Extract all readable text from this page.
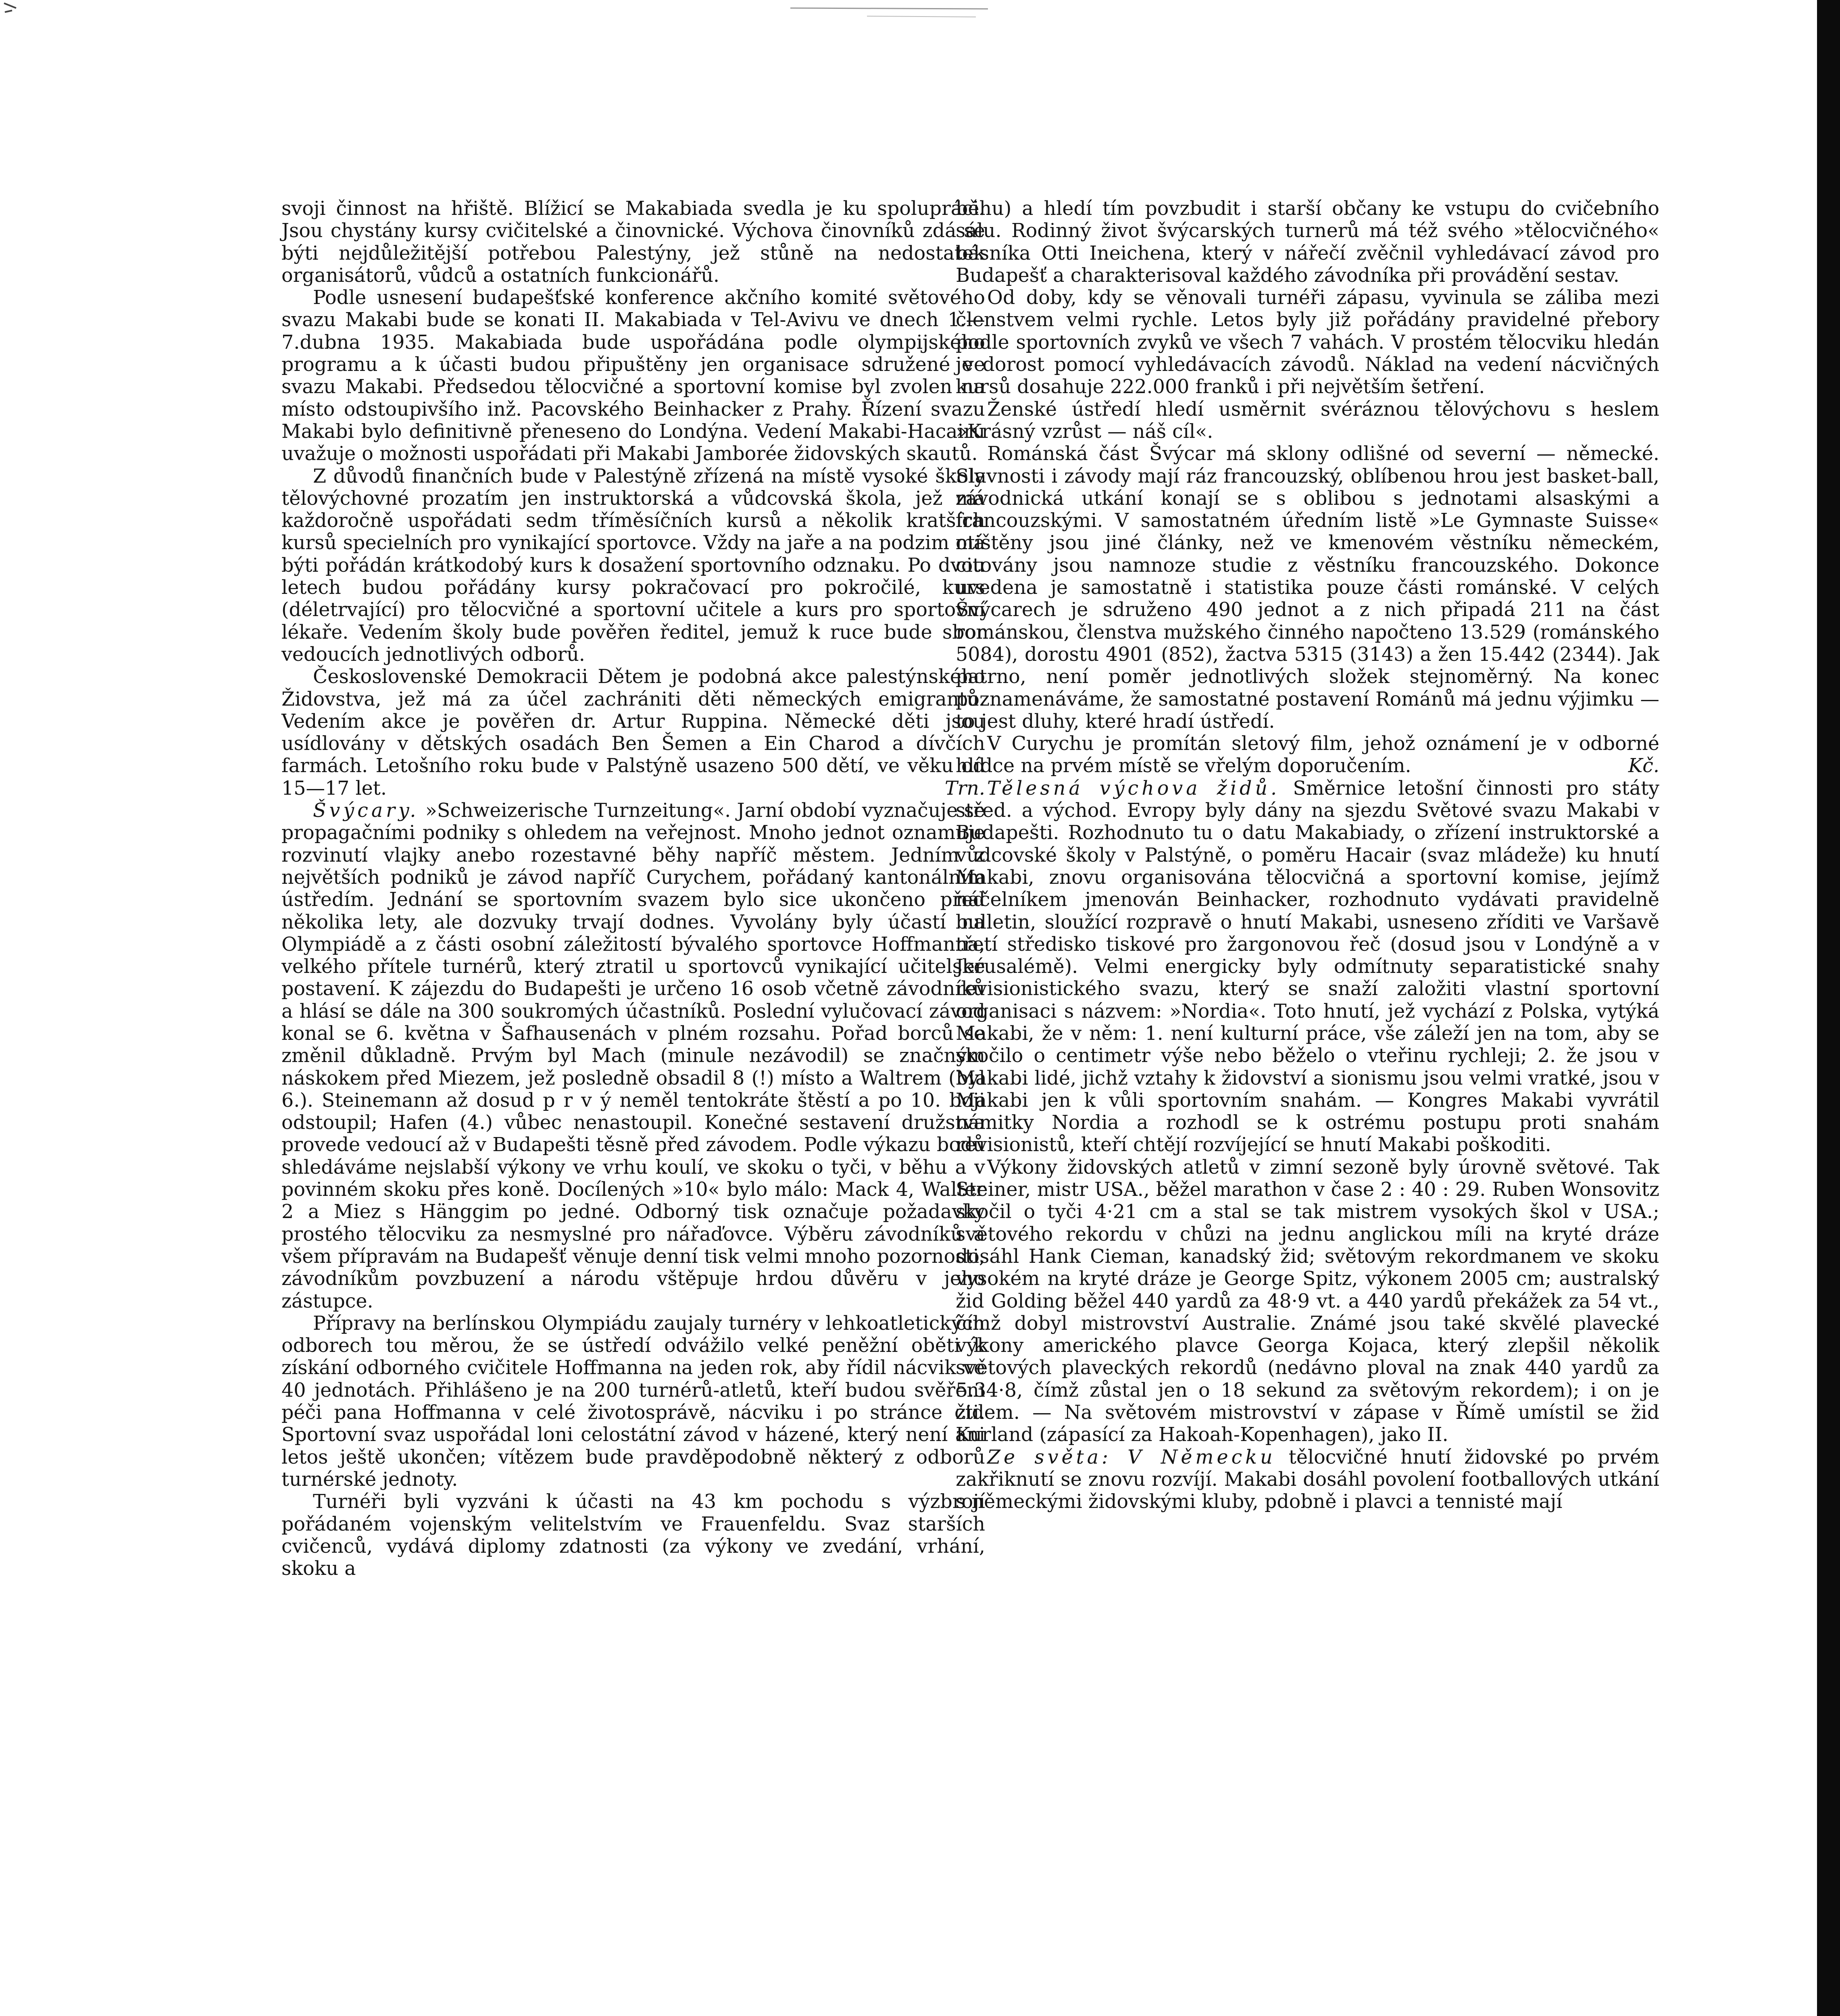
svoji činnost na hřiště. Blížicí se Makabiada svedla je ku spolupráci. Jsou chystány kursy cvičitelské a činovnické. Výchova činovníků zdá se býti nejdůležitější potřebou Palestýny, jež stůně na nedostatek organisátorů, vůdců a ostatních funkcionářů.

Podle usnesení budapešťské konference akčního komité světového svazu Makabi bude se konati II. Makabiada v Tel-Avivu ve dnech 1.—7.dubna 1935. Makabiada bude uspořádána podle olympijského programu a k účasti budou připuštěny jen organisace sdružené ve svazu Makabi. Předsedou tělocvičné a sportovní komise byl zvolen na místo odstoupivšího inž. Pacovského Beinhacker z Prahy. Řízení svazu Makabi bylo definitivně přeneseno do Londýna. Vedení Makabi-Hacairu uvažuje o možnosti uspořádati při Makabi Jamborée židovských skautů.

Z důvodů finančních bude v Palestýně zřízená na místě vysoké školy tělovýchovné prozatím jen instruktorská a vůdcovská škola, jež má každoročně uspořádati sedm tříměsíčních kursů a několik kratších kursů specielních pro vynikající sportovce. Vždy na jaře a na podzim má býti pořádán krátkodobý kurs k dosažení sportovního odznaku. Po dvou letech budou pořádány kursy pokračovací pro pokročilé, kurs (déletrvající) pro tělocvičné a sportovní učitele a kurs pro sportovní lékaře. Vedením školy bude pověřen ředitel, jemuž k ruce bude sbor vedoucích jednotlivých odborů.

Československé Demokracii Dětem je podobná akce palestýnského Židovstva, jež má za účel zachrániti děti německých emigrantů. Vedením akce je pověřen dr. Artur Ruppina. Německé děti jsou usídlovány v dětských osadách Ben Šemen a Ein Charod a dívčích farmách. Letošního roku bude v Palstýně usazeno 500 dětí, ve věku od 15—17 let.	Trn.

Švýcary. »Schweizerische Turnzeitung«. Jarní období vyznačuje se propagačními podniky s ohledem na veřejnost. Mnoho jednot oznamuje rozvinutí vlajky anebo rozestavné běhy napříč městem. Jedním z největších podniků je závod napříč Curychem, pořádaný kantonálním ústředím. Jednání se sportovním svazem bylo sice ukončeno před několika lety, ale dozvuky trvají dodnes. Vyvolány byly účastí na Olympiádě a z části osobní záležitostí bývalého sportovce Hoffmanna, velkého přítele turnérů, který ztratil u sportovců vynikající učitelské postavení. K zájezdu do Budapešti je určeno 16 osob včetně závodníků a hlásí se dále na 300 soukromých účastníků. Poslední vylučovací závod konal se 6. května v Šafhausenách v plném rozsahu. Pořad borců se změnil důkladně. Prvým byl Mach (minule nezávodil) se značným náskokem před Miezem, jež posledně obsadil 8 (!) místo a Waltrem (byl 6.). Steinemann až dosud p r v ý neměl tentokráte štěstí a po 10. boji odstoupil; Hafen (4.) vůbec nenastoupil. Konečné sestavení družstva provede vedoucí až v Budapešti těsně před závodem. Podle výkazu bodů shledáváme nejslabší výkony ve vrhu koulí, ve skoku o tyči, v běhu a v povinném skoku přes koně. Docílených »10« bylo málo: Mack 4, Walter 2 a Miez s Hänggim po jedné. Odborný tisk označuje požadavky prostého tělocviku za nesmyslné pro nářaďovce. Výběru závodníků a všem přípravám na Budapešť věnuje denní tisk velmi mnoho pozornosti, závodníkům povzbuzení a národu vštěpuje hrdou důvěru v jeho zástupce.

Přípravy na berlínskou Olympiádu zaujaly turnéry v lehkoatletických odborech tou měrou, že se ústředí odvážilo velké peněžní oběti k získání odborného cvičitele Hoffmanna na jeden rok, aby řídil nácvik ve 40 jednotách. Přihlášeno je na 200 turnérů-atletů, kteří budou svěřeni péči pana Hoffmanna v celé životosprávě, nácviku i po stránce cti. Sportovní svaz uspořádal loni celostátní závod v házené, který není ani letos ještě ukončen; vítězem bude pravděpodobně některý z odborů turnérské jednoty.

Turnéři byli vyzváni k účasti na 43 km pochodu s výzbrojí pořádaném vojenským velitelstvím ve Frauenfeldu. Svaz starších cvičenců, vydává diplomy zdatnosti (za výkony ve zvedání, vrhání, skoku a

běhu) a hledí tím povzbudit i starší občany ke vstupu do cvičebního sálu. Rodinný život švýcarských turnerů má též svého »tělocvičného« básníka Otti Ineichena, který v nářečí zvěčnil vyhledávací závod pro Budapešť a charakterisoval každého závodníka při provádění sestav.

Od doby, kdy se věnovali turnéři zápasu, vyvinula se záliba mezi členstvem velmi rychle. Letos byly již pořádány pravidelné přebory podle sportovních zvyků ve všech 7 vahách. V prostém tělocviku hledán je dorost pomocí vyhledávacích závodů. Náklad na vedení nácvičných kursů dosahuje 222.000 franků i při největším šetření.

Ženské ústředí hledí usměrnit svéráznou tělovýchovu s heslem »Krásný vzrůst — náš cíl«.

Románská část Švýcar má sklony odlišné od severní — německé. Slavnosti i závody mají ráz francouzský, oblíbenou hrou jest basket-ball, závodnická utkání konají se s oblibou s jednotami alsaskými a francouzskými. V samostatném úředním listě »Le Gymnaste Suisse« otištěny jsou jiné články, než ve kmenovém věstníku německém, citovány jsou namnoze studie z věstníku francouzského. Dokonce uvedena je samostatně i statistika pouze části románské. V celých Švýcarech je sdruženo 490 jednot a z nich připadá 211 na část románskou, členstva mužského činného napočteno 13.529 (románského 5084), dorostu 4901 (852), žactva 5315 (3143) a žen 15.442 (2344). Jak patrno, není poměr jednotlivých složek stejnoměrný. Na konec poznamenáváme, že samostatné postavení Románů má jednu výjimku — to jest dluhy, které hradí ústředí.

V Curychu je promítán sletový film, jehož oznámení je v odborné hlídce na prvém místě se vřelým doporučením.	Kč.

Tělesná výchova židů. Směrnice letošní činnosti pro státy střed. a východ. Evropy byly dány na sjezdu Světové svazu Makabi v Budapešti. Rozhodnuto tu o datu Makabiady, o zřízení instruktorské a vůdcovské školy v Palstýně, o poměru Hacair (svaz mládeže) ku hnutí Makabi, znovu organisována tělocvičná a sportovní komise, jejímž náčelníkem jmenován Beinhacker, rozhodnuto vydávati pravidelně bulletin, sloužící rozpravě o hnutí Makabi, usneseno zříditi ve Varšavě třetí středisko tiskové pro žargonovou řeč (dosud jsou v Londýně a v Jerusalémě). Velmi energicky byly odmítnuty separatistické snahy revisionistického svazu, který se snaží založiti vlastní sportovní organisaci s názvem: »Nordia«. Toto hnutí, jež vychází z Polska, vytýká Makabi, že v něm: 1. není kulturní práce, vše záleží jen na tom, aby se skočilo o centimetr výše nebo běželo o vteřinu rychleji; 2. že jsou v Makabi lidé, jichž vztahy k židovství a sionismu jsou velmi vratké, jsou v Makabi jen k vůli sportovním snahám. — Kongres Makabi vyvrátil námitky Nordia a rozhodl se k ostrému postupu proti snahám revisionistů, kteří chtějí rozvíjející se hnutí Makabi poškoditi.

Výkony židovských atletů v zimní sezoně byly úrovně světové. Tak Steiner, mistr USA., běžel marathon v čase 2 : 40 : 29. Ruben Wonsovitz skočil o tyči 4·21 cm a stal se tak mistrem vysokých škol v USA.; světového rekordu v chůzi na jednu anglickou míli na kryté dráze dosáhl Hank Cieman, kanadský žid; světovým rekordmanem ve skoku vysokém na kryté dráze je George Spitz, výkonem 2005 cm; australský žid Golding běžel 440 yardů za 48·9 vt. a 440 yardů překážek za 54 vt., čímž dobyl mistrovství Australie. Známé jsou také skvělé plavecké výkony amerického plavce Georga Kojaca, který zlepšil několik světových plaveckých rekordů (nedávno ploval na znak 440 yardů za 5.34·8, čímž zůstal jen o 18 sekund za světovým rekordem); i on je židem. — Na světovém mistrovství v zápase v Římě umístil se žid Kurland (zápasící za Hakoah-Kopenhagen), jako II.

Ze světa: V Německu tělocvičné hnutí židovské po prvém zakřiknutí se znovu rozvíjí. Makabi dosáhl povolení footballových utkání s německými židovskými kluby, pdobně i plavci a tennisté mají
